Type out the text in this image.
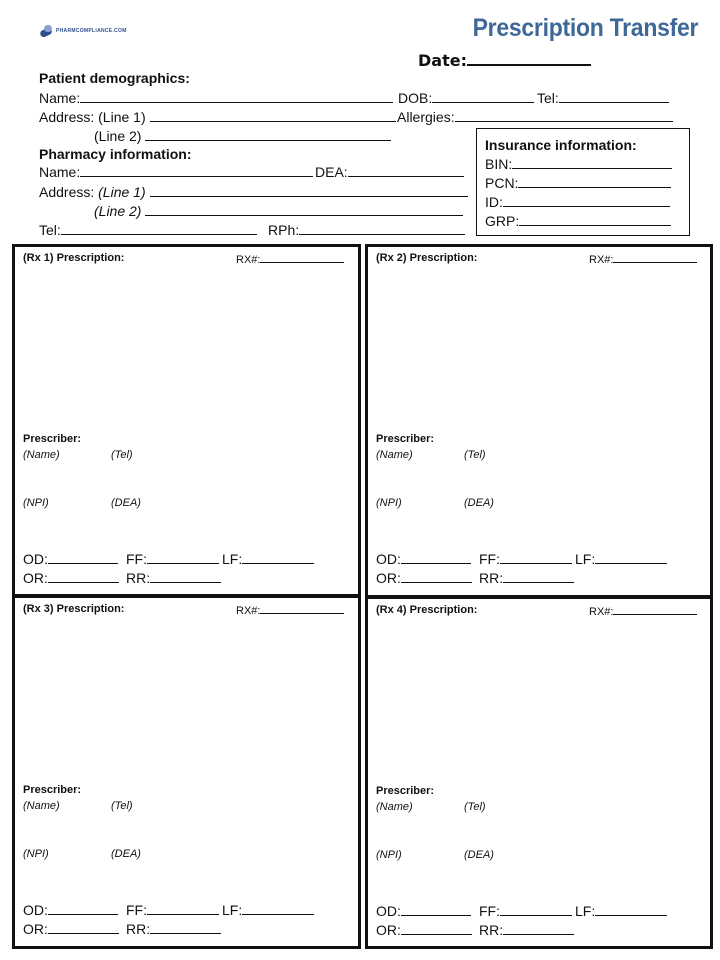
PHARMCOMPLIANCE.COM	Prescription Transfer
Date:
Patient demographics:
Name:	DOB:	Tel:
Address: (Line 1)	Allergies:
(Line 2)
Pharmacy information:
Name:	DEA:
Address: (Line 1)
(Line 2)
Tel:	RPh:
Insurance information:
BIN:
PCN:
ID:
GRP:
(Rx 1) Prescription:	RX#:
Prescriber:
(Name)	(Tel)
(NPI)	(DEA)
OD:	FF:	LF:
OR:	RR:
(Rx 2) Prescription:	RX#:
Prescriber:
(Name)	(Tel)
(NPI)	(DEA)
OD:	FF:	LF:
OR:	RR:
(Rx 3) Prescription:	RX#:
Prescriber:
(Name)	(Tel)
(NPI)	(DEA)
OD:	FF:	LF:
OR:	RR:
(Rx 4) Prescription:	RX#:
Prescriber:
(Name)	(Tel)
(NPI)	(DEA)
OD:	FF:	LF:
OR:	RR:
